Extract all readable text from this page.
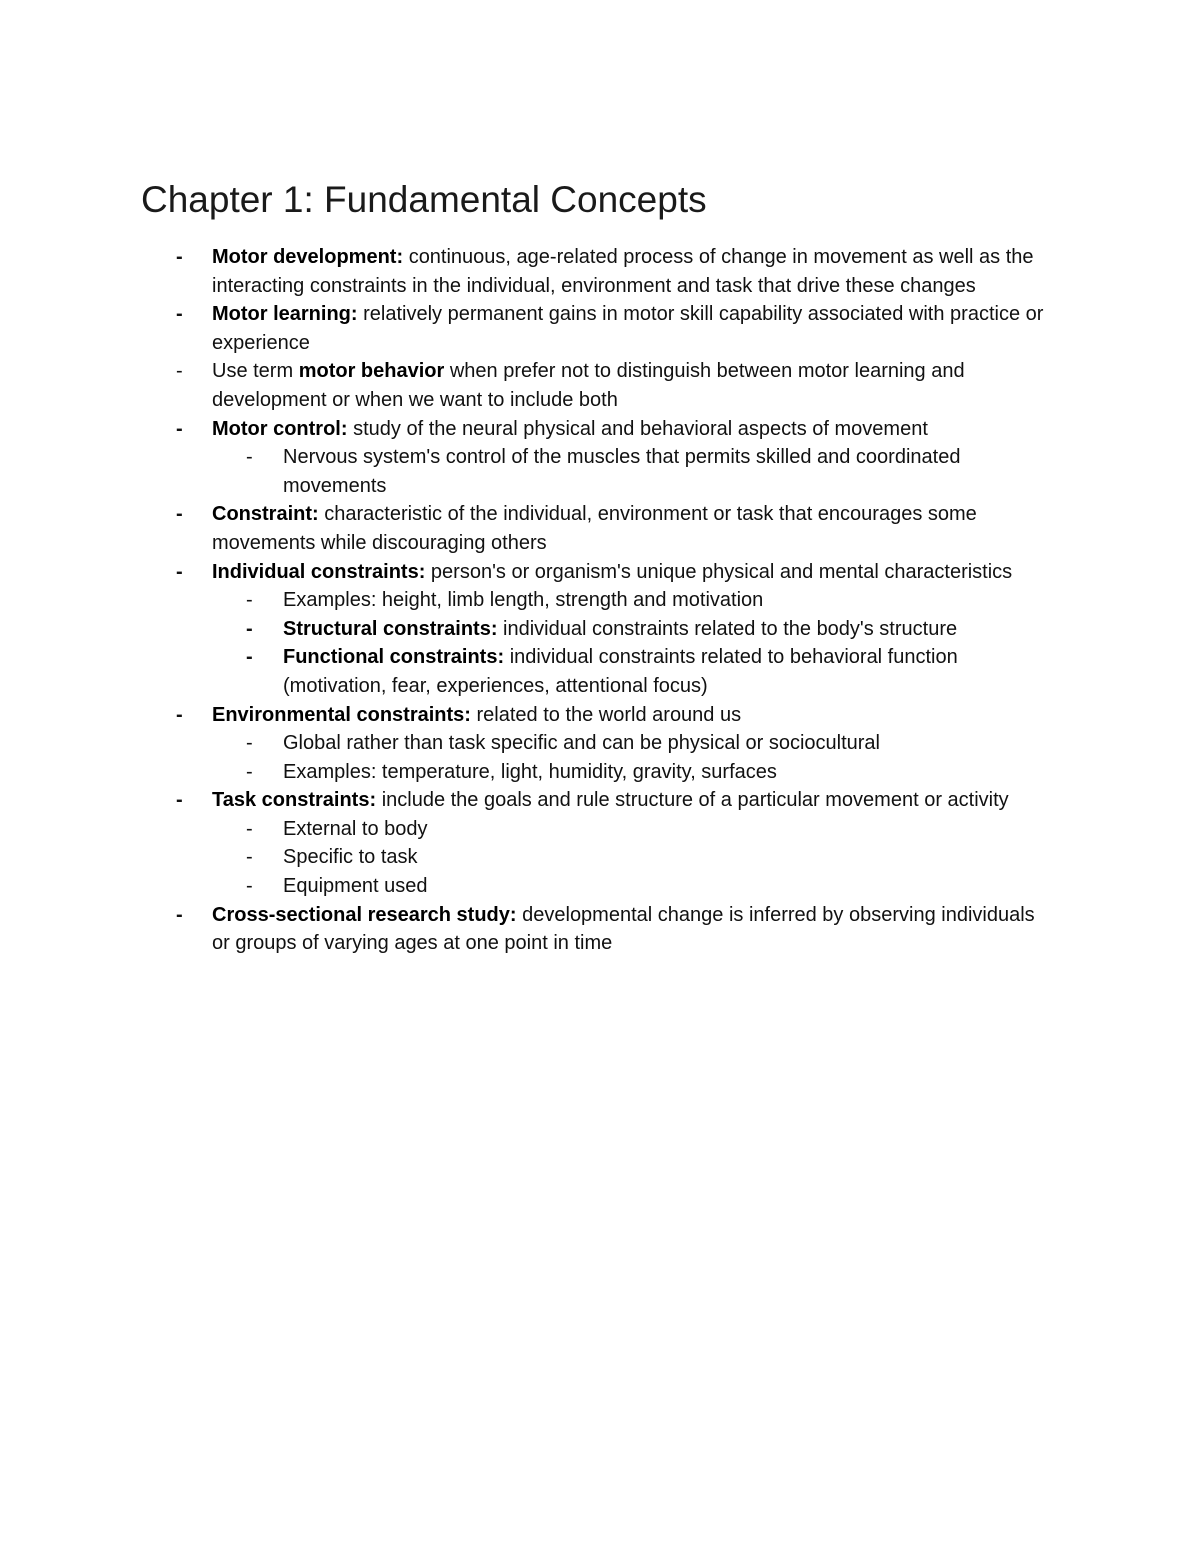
Chapter 1: Fundamental Concepts
- Motor development: continuous, age-related process of change in movement as well as the interacting constraints in the individual, environment and task that drive these changes
- Motor learning: relatively permanent gains in motor skill capability associated with practice or experience
- Use term motor behavior when prefer not to distinguish between motor learning and development or when we want to include both
- Motor control: study of the neural physical and behavioral aspects of movement
- Nervous system's control of the muscles that permits skilled and coordinated movements
- Constraint: characteristic of the individual, environment or task that encourages some movements while discouraging others
- Individual constraints: person's or organism's unique physical and mental characteristics
- Examples: height, limb length, strength and motivation
- Structural constraints: individual constraints related to the body's structure
- Functional constraints: individual constraints related to behavioral function (motivation, fear, experiences, attentional focus)
- Environmental constraints: related to the world around us
- Global rather than task specific and can be physical or sociocultural
- Examples: temperature, light, humidity, gravity, surfaces
- Task constraints: include the goals and rule structure of a particular movement or activity
- External to body
- Specific to task
- Equipment used
- Cross-sectional research study: developmental change is inferred by observing individuals or groups of varying ages at one point in time
